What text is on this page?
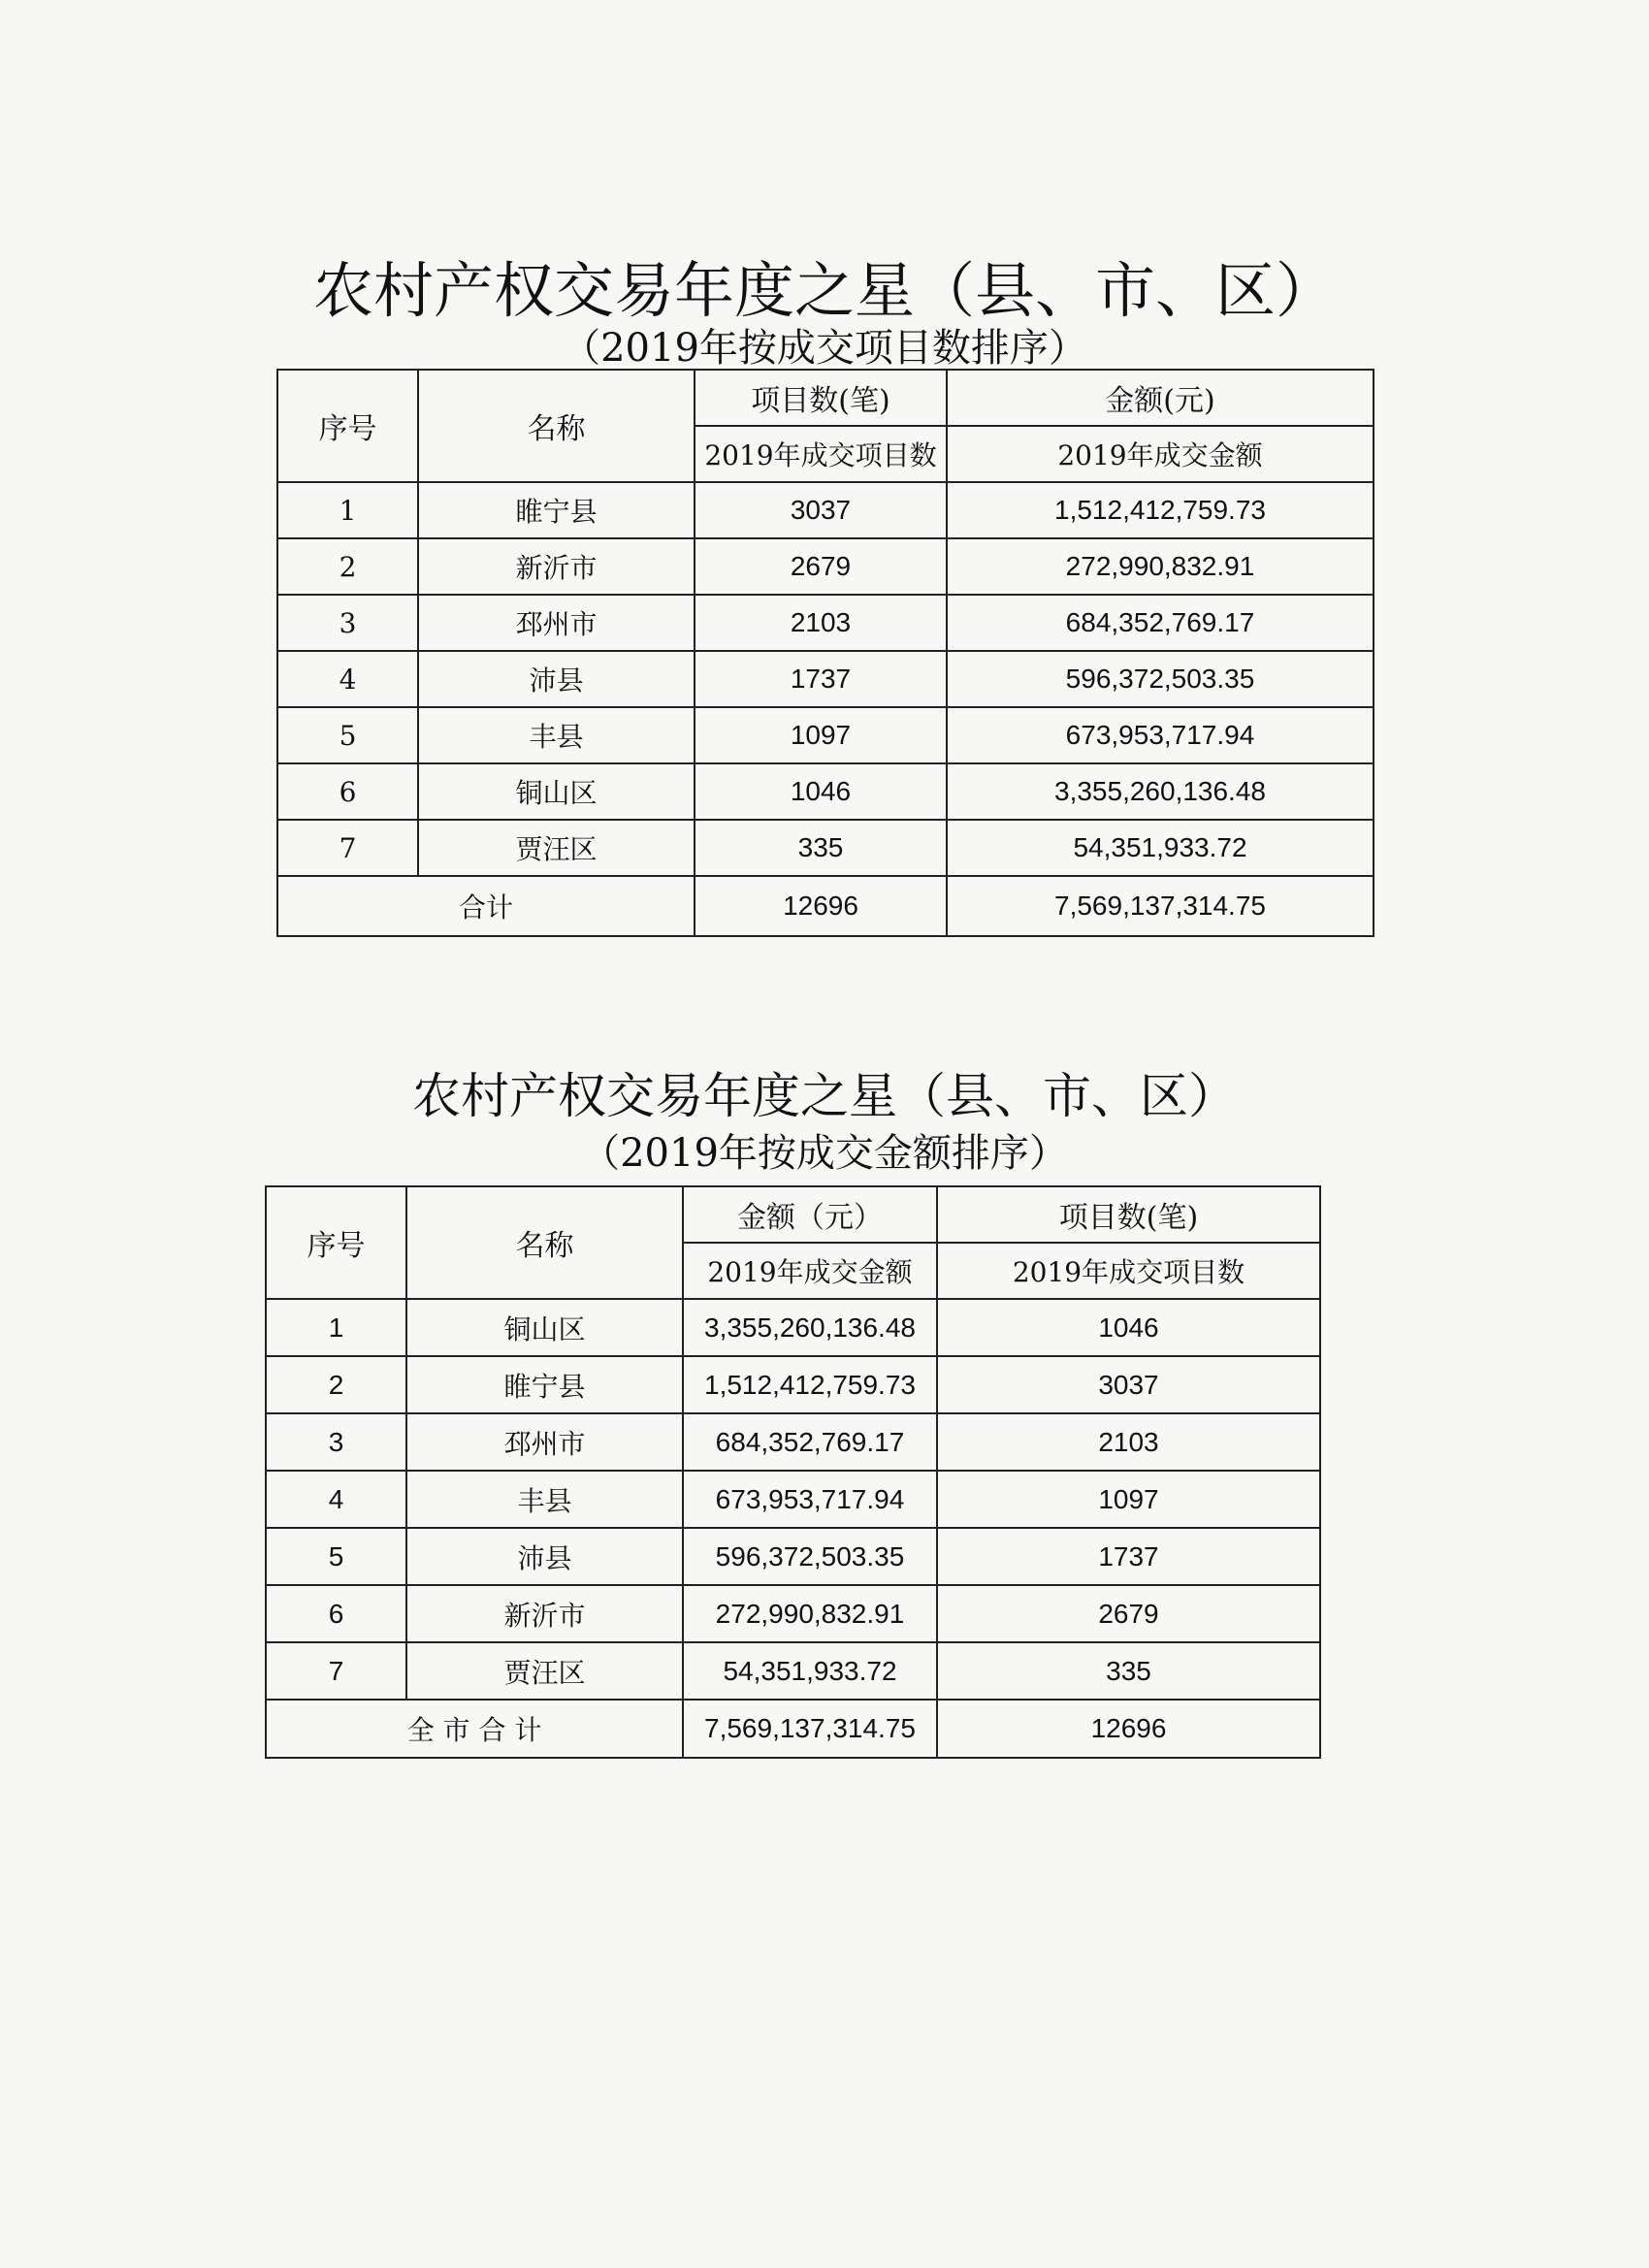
农村产权交易年度之星（县、市、区）
（2019年按成交项目数排序）
序号	名称	项目数(笔)	金额(元)
		2019年成交项目数	2019年成交金额
1	睢宁县	3037	1,512,412,759.73
2	新沂市	2679	272,990,832.91
3	邳州市	2103	684,352,769.17
4	沛县	1737	596,372,503.35
5	丰县	1097	673,953,717.94
6	铜山区	1046	3,355,260,136.48
7	贾汪区	335	54,351,933.72
合计		12696	7,569,137,314.75
农村产权交易年度之星（县、市、区）
（2019年按成交金额排序）
序号	名称	金额（元）	项目数(笔)
		2019年成交金额	2019年成交项目数
1	铜山区	3,355,260,136.48	1046
2	睢宁县	1,512,412,759.73	3037
3	邳州市	684,352,769.17	2103
4	丰县	673,953,717.94	1097
5	沛县	596,372,503.35	1737
6	新沂市	272,990,832.91	2679
7	贾汪区	54,351,933.72	335
全 市 合 计		7,569,137,314.75	12696
